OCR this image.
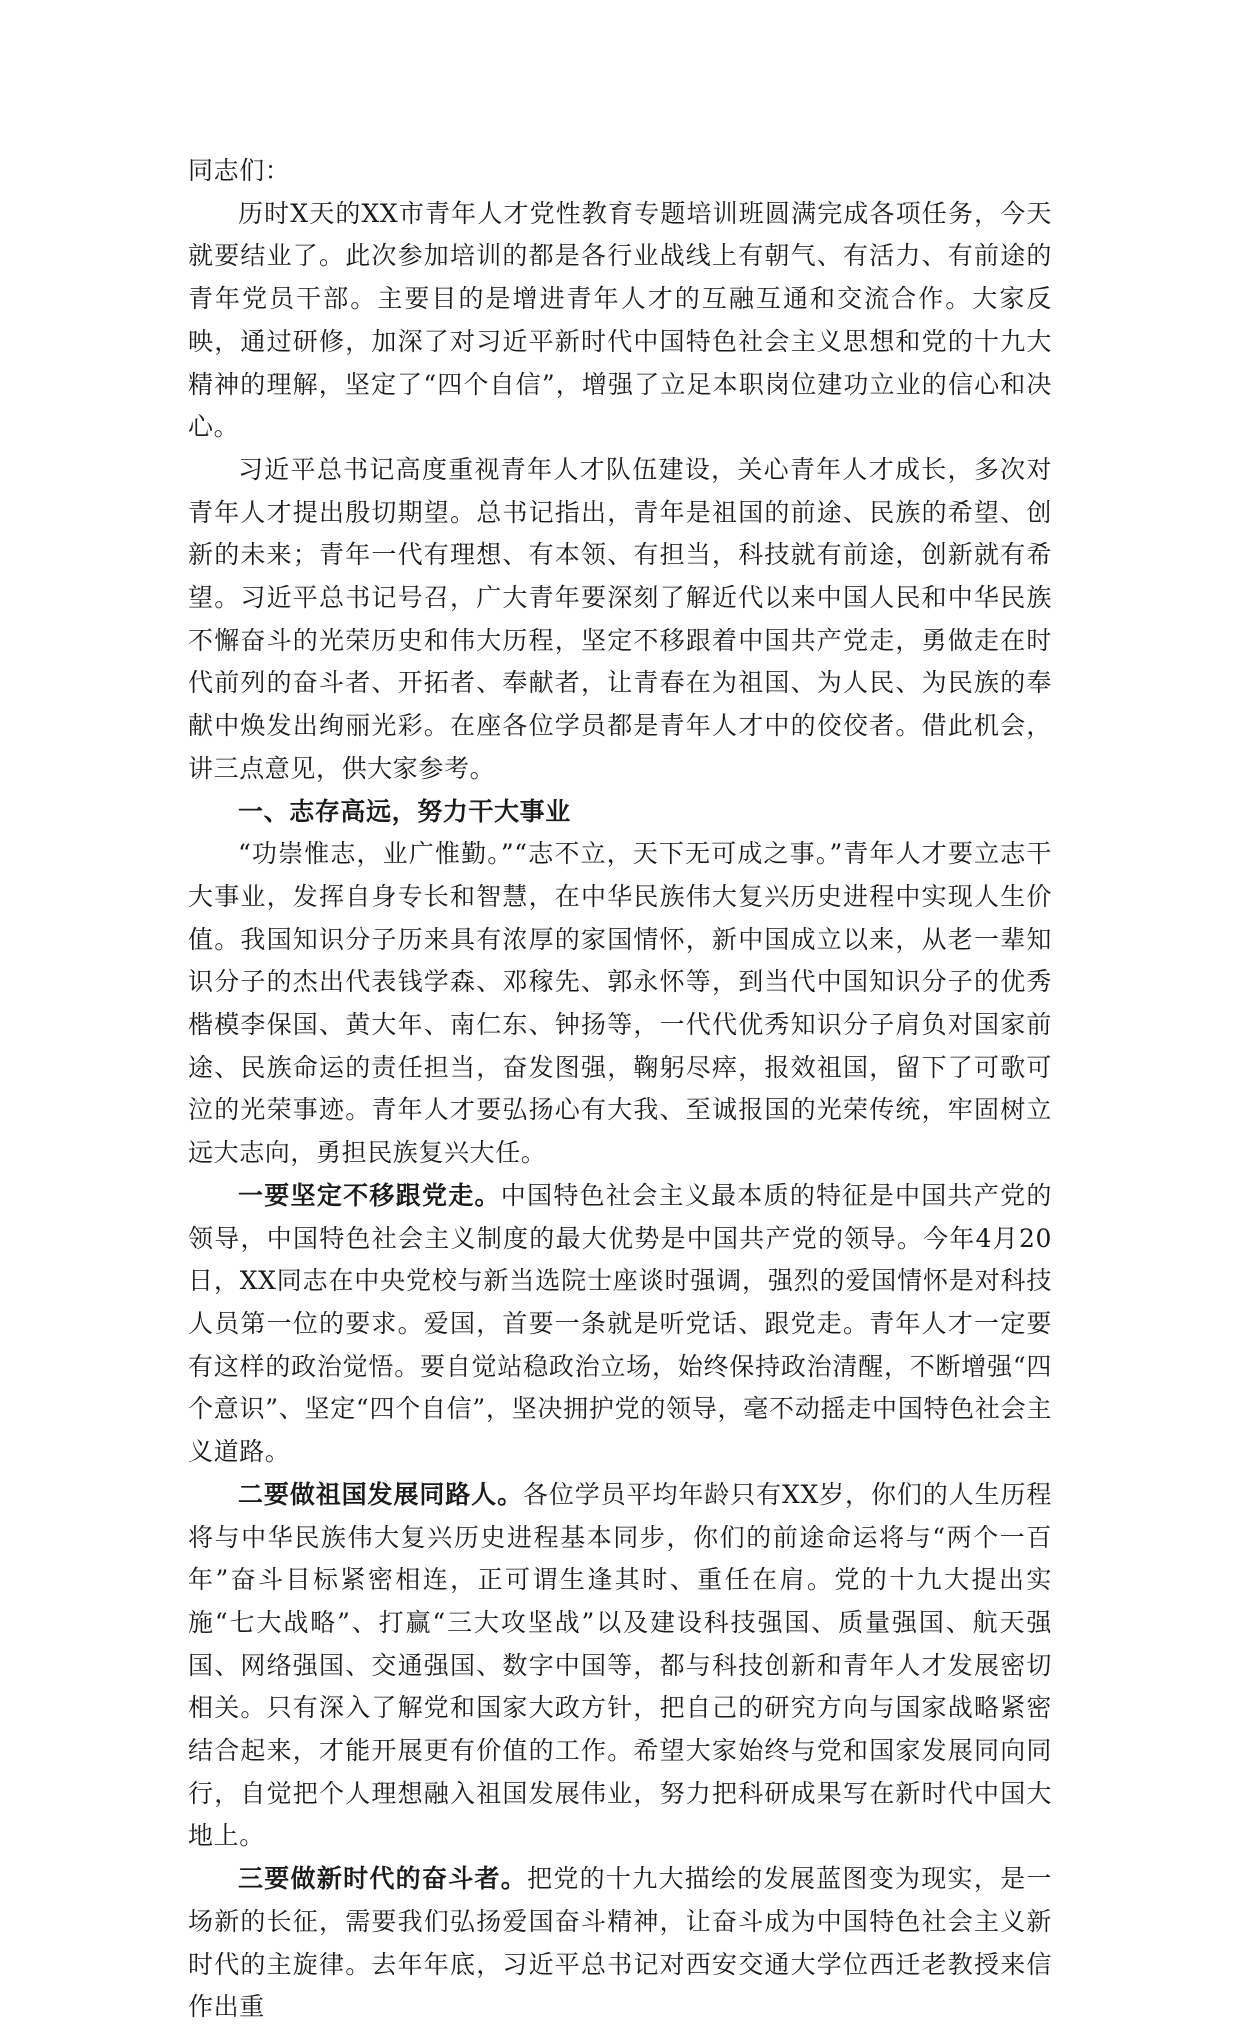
同志们：

历时X天的XX市青年人才党性教育专题培训班圆满完成各项任务，今天就要结业了。此次参加培训的都是各行业战线上有朝气、有活力、有前途的青年党员干部。主要目的是增进青年人才的互融互通和交流合作。大家反映，通过研修，加深了对习近平新时代中国特色社会主义思想和党的十九大精神的理解，坚定了“四个自信”，增强了立足本职岗位建功立业的信心和决心。

习近平总书记高度重视青年人才队伍建设，关心青年人才成长，多次对青年人才提出殷切期望。总书记指出，青年是祖国的前途、民族的希望、创新的未来；青年一代有理想、有本领、有担当，科技就有前途，创新就有希望。习近平总书记号召，广大青年要深刻了解近代以来中国人民和中华民族不懈奋斗的光荣历史和伟大历程，坚定不移跟着中国共产党走，勇做走在时代前列的奋斗者、开拓者、奉献者，让青春在为祖国、为人民、为民族的奉献中焕发出绚丽光彩。在座各位学员都是青年人才中的佼佼者。借此机会，讲三点意见，供大家参考。

一、志存高远，努力干大事业

“功崇惟志，业广惟勤。”“志不立，天下无可成之事。”青年人才要立志干大事业，发挥自身专长和智慧，在中华民族伟大复兴历史进程中实现人生价值。我国知识分子历来具有浓厚的家国情怀，新中国成立以来，从老一辈知识分子的杰出代表钱学森、邓稼先、郭永怀等，到当代中国知识分子的优秀楷模李保国、黄大年、南仁东、钟扬等，一代代优秀知识分子肩负对国家前途、民族命运的责任担当，奋发图强，鞠躬尽瘁，报效祖国，留下了可歌可泣的光荣事迹。青年人才要弘扬心有大我、至诚报国的光荣传统，牢固树立远大志向，勇担民族复兴大任。

一要坚定不移跟党走。中国特色社会主义最本质的特征是中国共产党的领导，中国特色社会主义制度的最大优势是中国共产党的领导。今年4月20日，XX同志在中央党校与新当选院士座谈时强调，强烈的爱国情怀是对科技人员第一位的要求。爱国，首要一条就是听党话、跟党走。青年人才一定要有这样的政治觉悟。要自觉站稳政治立场，始终保持政治清醒，不断增强“四个意识”、坚定“四个自信”，坚决拥护党的领导，毫不动摇走中国特色社会主义道路。

二要做祖国发展同路人。各位学员平均年龄只有XX岁，你们的人生历程将与中华民族伟大复兴历史进程基本同步，你们的前途命运将与“两个一百年”奋斗目标紧密相连，正可谓生逢其时、重任在肩。党的十九大提出实施“七大战略”、打赢“三大攻坚战”以及建设科技强国、质量强国、航天强国、网络强国、交通强国、数字中国等，都与科技创新和青年人才发展密切相关。只有深入了解党和国家大政方针，把自己的研究方向与国家战略紧密结合起来，才能开展更有价值的工作。希望大家始终与党和国家发展同向同行，自觉把个人理想融入祖国发展伟业，努力把科研成果写在新时代中国大地上。

三要做新时代的奋斗者。把党的十九大描绘的发展蓝图变为现实，是一场新的长征，需要我们弘扬爱国奋斗精神，让奋斗成为中国特色社会主义新时代的主旋律。去年年底，习近平总书记对西安交通大学位西迁老教授来信作出重
